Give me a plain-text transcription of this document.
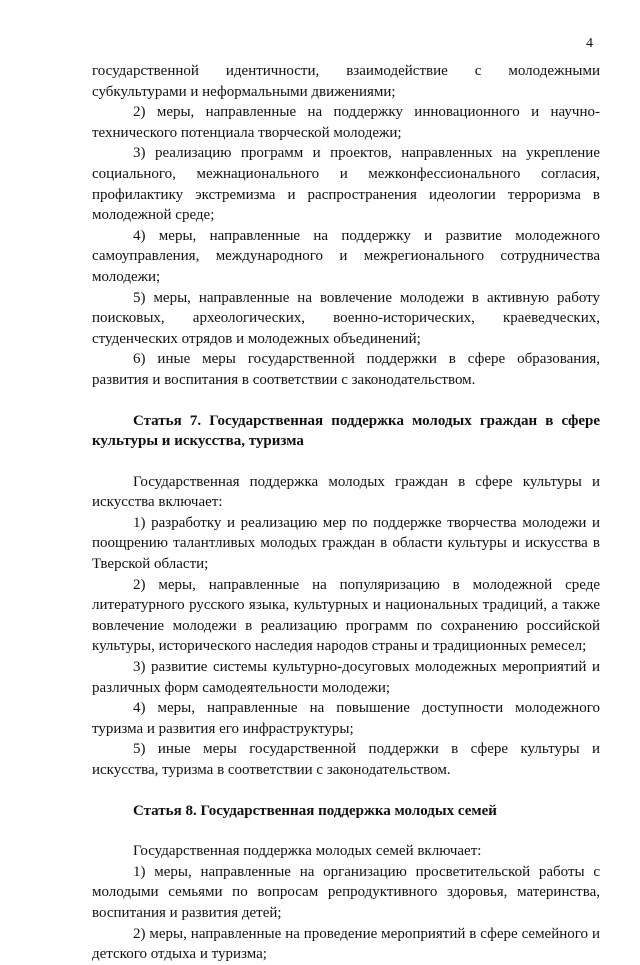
4

государственной идентичности, взаимодействие с молодежными субкультурами и неформальными движениями;

2) меры, направленные на поддержку инновационного и научно-технического потенциала творческой молодежи;

3) реализацию программ и проектов, направленных на укрепление социального, межнационального и межконфессионального согласия, профилактику экстремизма и распространения идеологии терроризма в молодежной среде;

4) меры, направленные на поддержку и развитие молодежного самоуправления, международного и межрегионального сотрудничества молодежи;

5) меры, направленные на вовлечение молодежи в активную работу поисковых, археологических, военно-исторических, краеведческих, студенческих отрядов и молодежных объединений;

6) иные меры государственной поддержки в сфере образования, развития и воспитания в соответствии с законодательством.

Статья 7. Государственная поддержка молодых граждан в сфере культуры и искусства, туризма

Государственная поддержка молодых граждан в сфере культуры и искусства включает:

1) разработку и реализацию мер по поддержке творчества молодежи и поощрению талантливых молодых граждан в области культуры и искусства в Тверской области;

2) меры, направленные на популяризацию в молодежной среде литературного русского языка, культурных и национальных традиций, а также вовлечение молодежи в реализацию программ по сохранению российской культуры, исторического наследия народов страны и традиционных ремесел;

3) развитие системы культурно-досуговых молодежных мероприятий и различных форм самодеятельности молодежи;

4) меры, направленные на повышение доступности молодежного туризма и развития его инфраструктуры;

5) иные меры государственной поддержки в сфере культуры и искусства, туризма в соответствии с законодательством.

Статья 8. Государственная поддержка молодых семей

Государственная поддержка молодых семей включает:

1) меры, направленные на организацию просветительской работы с молодыми семьями по вопросам репродуктивного здоровья, материнства, воспитания и развития детей;

2) меры, направленные на проведение мероприятий в сфере семейного и детского отдыха и туризма;
